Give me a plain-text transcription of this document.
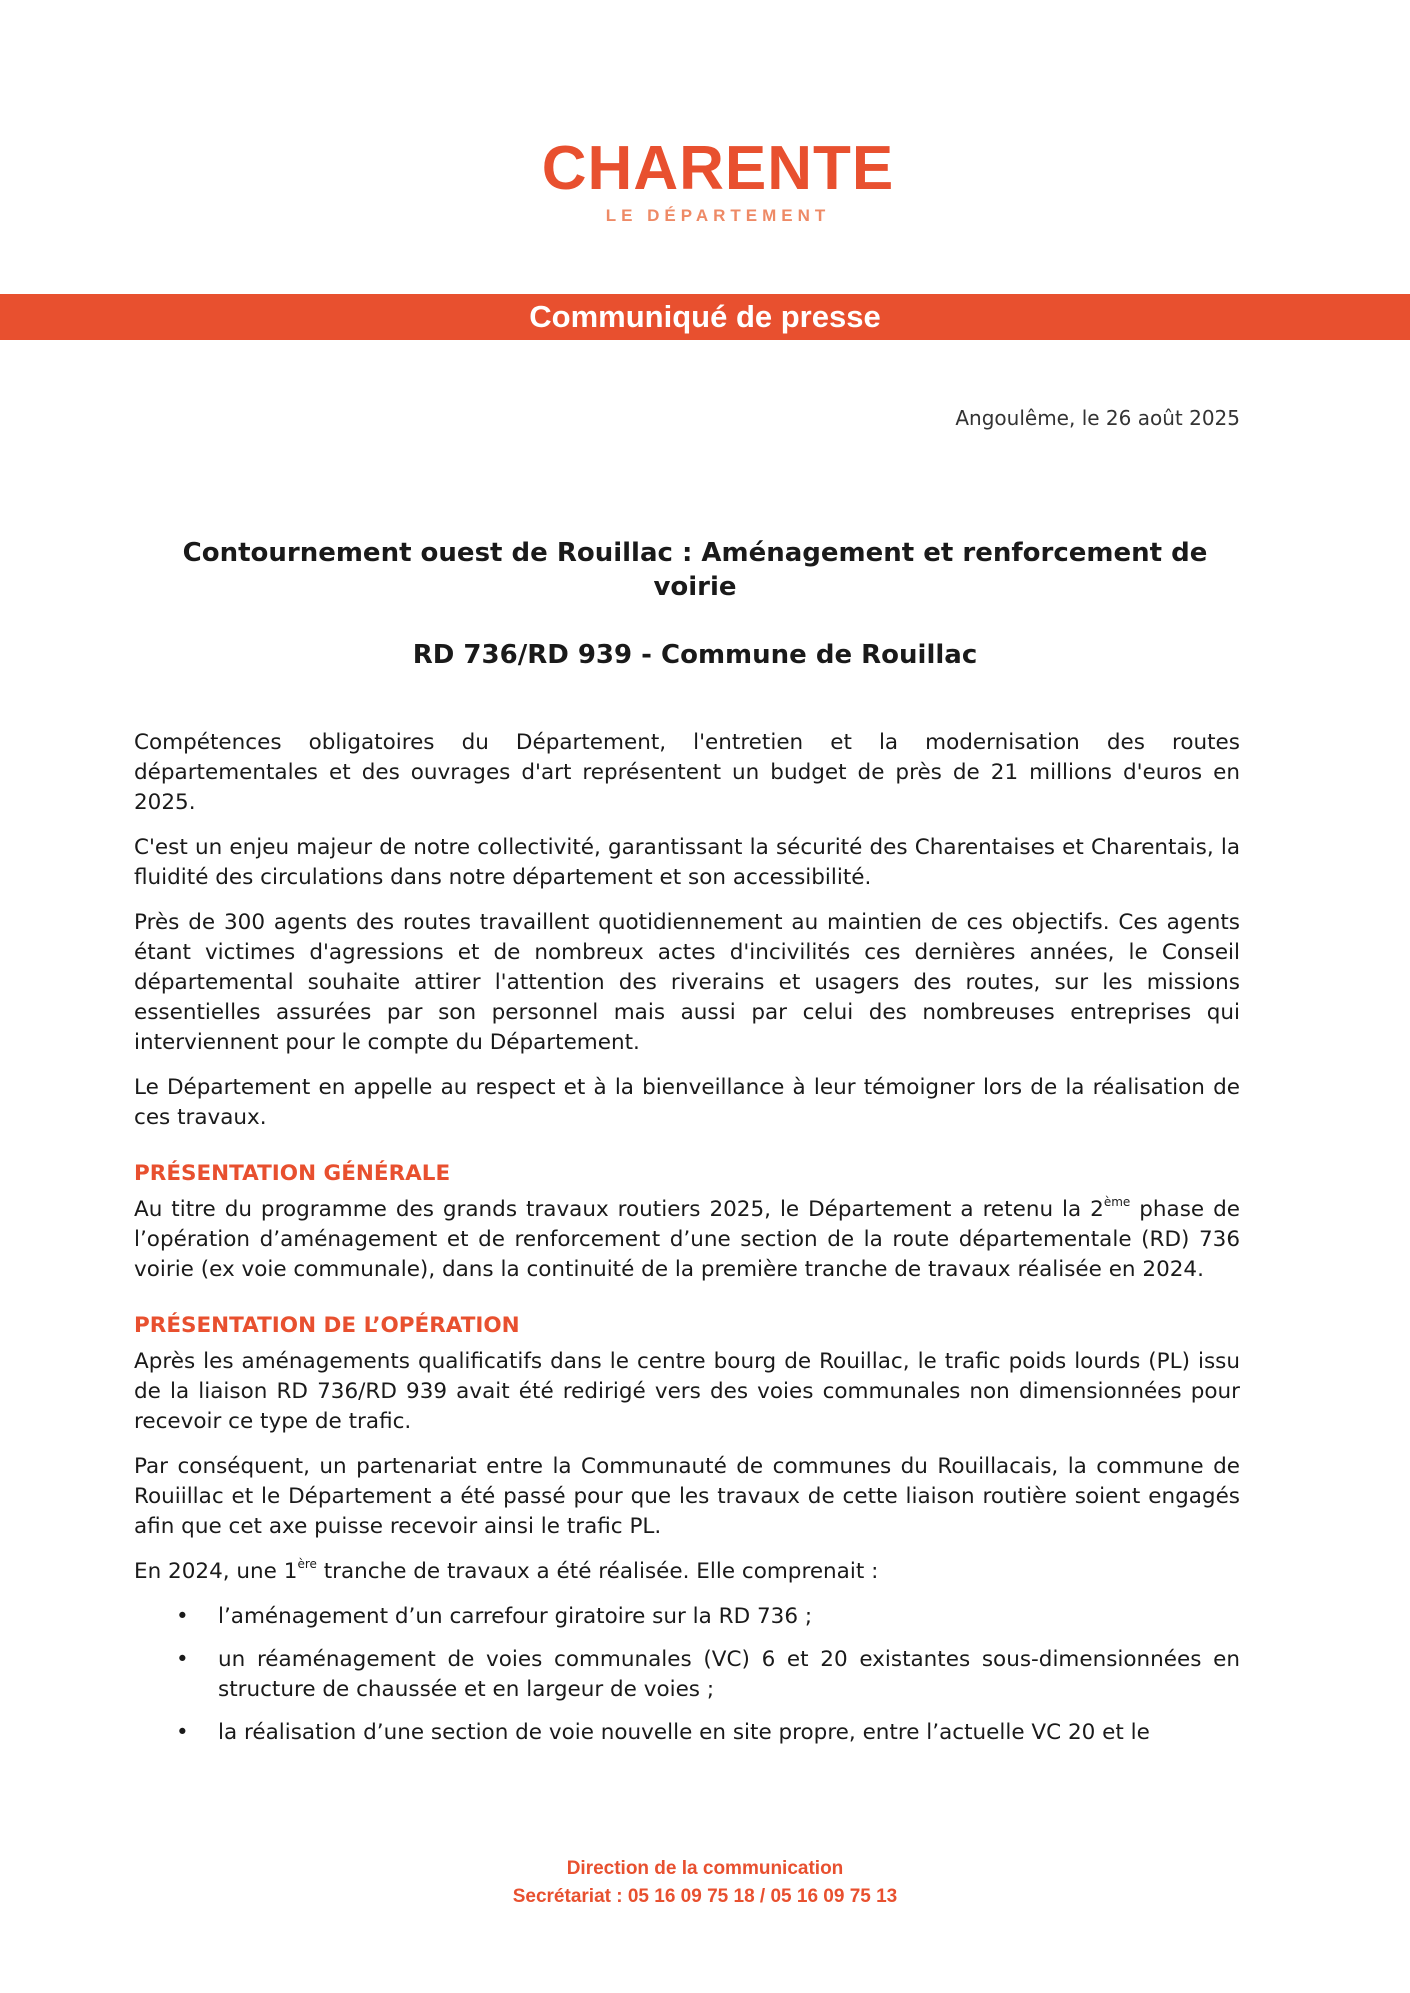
CHARENTE
LE DÉPARTEMENT
Communiqué de presse
Angoulême, le 26 août 2025
Contournement ouest de Rouillac : Aménagement et renforcement de voirie
RD 736/RD 939 - Commune de Rouillac

Compétences obligatoires du Département, l'entretien et la modernisation des routes départementales et des ouvrages d'art représentent un budget de près de 21 millions d'euros en 2025.

C'est un enjeu majeur de notre collectivité, garantissant la sécurité des Charentaises et Charentais, la fluidité des circulations dans notre département et son accessibilité.

Près de 300 agents des routes travaillent quotidiennement au maintien de ces objectifs. Ces agents étant victimes d'agressions et de nombreux actes d'incivilités ces dernières années, le Conseil départemental souhaite attirer l'attention des riverains et usagers des routes, sur les missions essentielles assurées par son personnel mais aussi par celui des nombreuses entreprises qui interviennent pour le compte du Département.

Le Département en appelle au respect et à la bienveillance à leur témoigner lors de la réalisation de ces travaux.

PRÉSENTATION GÉNÉRALE

Au titre du programme des grands travaux routiers 2025, le Département a retenu la 2ème phase de l’opération d’aménagement et de renforcement d’une section de la route départementale (RD) 736 voirie (ex voie communale), dans la continuité de la première tranche de travaux réalisée en 2024.

PRÉSENTATION DE L’OPÉRATION

Après les aménagements qualificatifs dans le centre bourg de Rouillac, le trafic poids lourds (PL) issu de la liaison RD 736/RD 939 avait été redirigé vers des voies communales non dimensionnées pour recevoir ce type de trafic.

Par conséquent, un partenariat entre la Communauté de communes du Rouillacais, la commune de Rouiillac et le Département a été passé pour que les travaux de cette liaison routière soient engagés afin que cet axe puisse recevoir ainsi le trafic PL.

En 2024, une 1ère tranche de travaux a été réalisée. Elle comprenait :

• l’aménagement d’un carrefour giratoire sur la RD 736 ;
• un réaménagement de voies communales (VC) 6 et 20 existantes sous-dimensionnées en structure de chaussée et en largeur de voies ;
• la réalisation d’une section de voie nouvelle en site propre, entre l’actuelle VC 20 et le
Direction de la communication
Secrétariat : 05 16 09 75 18 / 05 16 09 75 13
